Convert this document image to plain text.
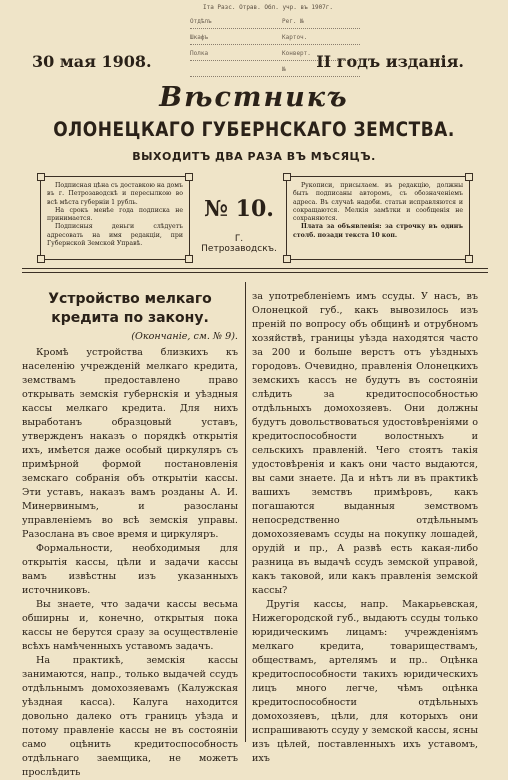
Іта Разс. Отрав. Обл. учр. въ 1907г.
Отдѣлъ	Рег. №
Шкафъ	Карточ.
Полка	Конверт.
№
30 мая 1908.	II годъ изданія.
Вѣстникъ
ОЛОНЕЦКАГО ГУБЕРНСКАГО ЗЕМСТВА.
ВЫХОДИТЪ ДВА РАЗА ВЪ МѢСЯЦЪ.
Подписная цѣна съ доставкою на домъ въ г. Петрозаводскѣ и пересылкою во всѣ мѣста губерніи 1 рубль.
На срокъ менѣе года подписка не принимается.
Подписныя деньги слѣдуетъ адресовать на имя редакціи, при Губернской Земской Управѣ.
№ 10.
Г. Петрозаводскъ.
Рукописи, присылаем. въ редакцію, должны быть подписаны авторомъ, съ обозначеніемъ адреса. Въ случаѣ надоби. статьи исправляются и сокращаются. Мелкія замѣтки и сообщенія не сохраняются.
Плата за объявленія: за строчку въ одинъ столб. позади текста 10 коп.
Устройство мелкаго кредита по закону.
(Окончаніе, см. № 9).

Кромѣ устройства близкихъ къ населенію учрежденій мелкаго кредита, земствамъ предоставлено право открывать земскія губернскія и уѣздныя кассы мелкаго кредита. Для нихъ выработанъ образцовый уставъ, утвержденъ наказъ о порядкѣ открытія ихъ, имѣется даже особый циркуляръ съ примѣрной формой постановленія земскаго собранія объ открытіи кассы. Эти уставъ, наказъ вамъ розданы А. И. Минервинымъ, и разосланы управленіемъ во всѣ земскія управы. Разослана въ свое время и циркуляръ.

Формальности, необходимыя для открытія кассы, цѣли и задачи кассы вамъ извѣстны изъ указанныхъ источниковъ.

Вы знаете, что задачи кассы весьма обширны и, конечно, открытыя пока кассы не берутся сразу за осуществленіе всѣхъ намѣченныхъ уставомъ задачъ.

На практикѣ, земскія кассы занимаются, напр., только выдачей ссудъ отдѣльнымъ домохозяевамъ (Калужская уѣздная касса). Калуга находится довольно далеко отъ границъ уѣзда и потому правленіе кассы не въ состояніи само оцѣнить кредитоспособность отдѣльнаго заемщика, не можетъ прослѣдить

за употребленіемъ имъ ссуды. У насъ, въ Олонецкой губ., какъ вывозилось изъ преній по вопросу объ общинѣ и отрубномъ хозяйствѣ, границы уѣзда находятся часто за 200 и больше верстъ отъ уѣздныхъ городовъ. Очевидно, правленія Олонецкихъ земскихъ кассъ не будутъ въ состояніи слѣдить за кредитоспособностью отдѣльныхъ домохозяевъ. Они должны будутъ довольствоваться удостовѣреніями о кредитоспособности волостныхъ и сельскихъ правленій. Чего стоятъ такія удостовѣренія и какъ они часто выдаются, вы сами знаете. Да и нѣтъ ли въ практикѣ вашихъ земствъ примѣровъ, какъ погашаются выданныя земствомъ непосредственно отдѣльнымъ домохозяевамъ ссуды на покупку лошадей, орудій и пр., А развѣ есть какая-либо разница въ выдачѣ ссудъ земской управой, какъ таковой, или какъ правленія земской кассы?

Другія кассы, напр. Макарьевская, Нижегородской губ., выдаютъ ссуды только юридическимъ лицамъ: учрежденіямъ мелкаго кредита, товариществамъ, обществамъ, артелямъ и пр.. Оцѣнка кредитоспособности такихъ юридическихъ лицъ много легче, чѣмъ оцѣнка кредитоспособности отдѣльныхъ домохозяевъ, цѣли, для которыхъ они испрашиваютъ ссуду у земской кассы, ясны изъ цѣлей, поставленныхъ ихъ уставомъ, ихъ
